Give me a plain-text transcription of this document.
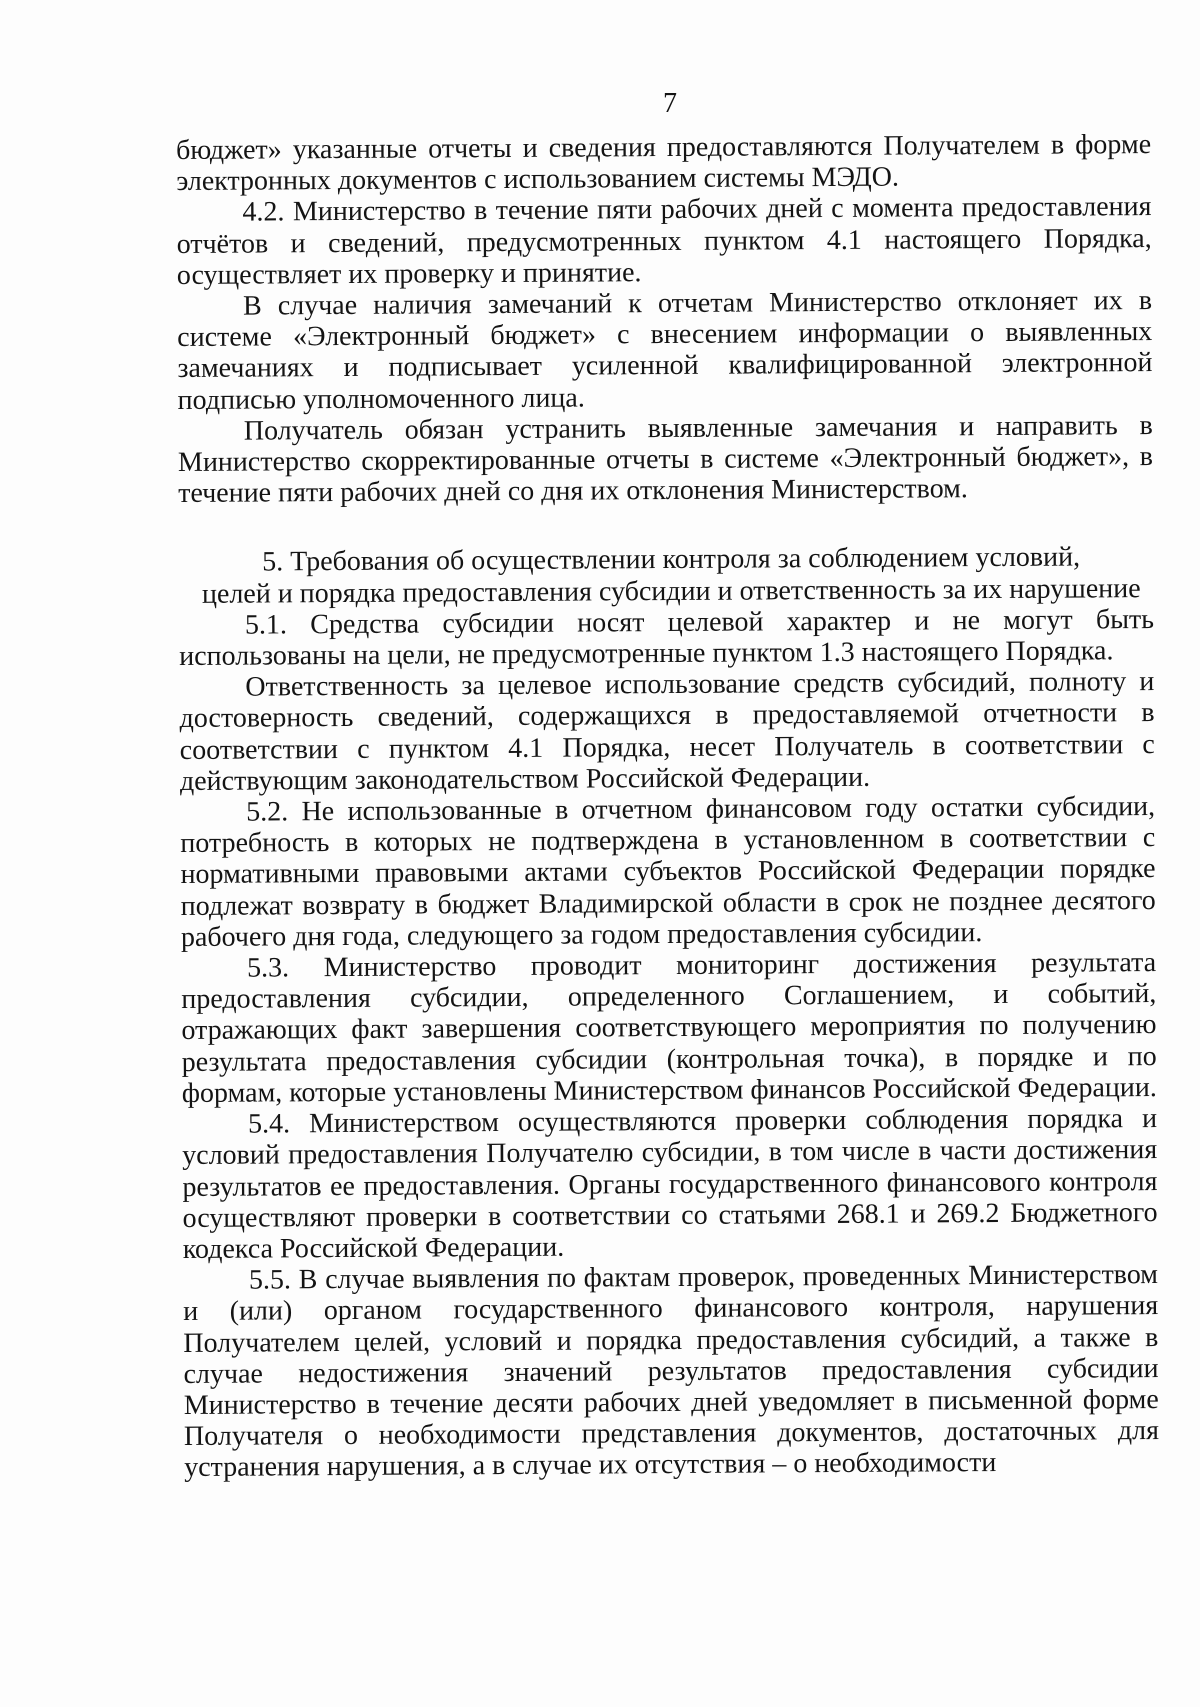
7

бюджет» указанные отчеты и сведения предоставляются Получателем в форме электронных документов с использованием системы МЭДО.

4.2. Министерство в течение пяти рабочих дней с момента предоставления отчётов и сведений, предусмотренных пунктом 4.1 настоящего Порядка, осуществляет их проверку и принятие.

В случае наличия замечаний к отчетам Министерство отклоняет их в системе «Электронный бюджет» с внесением информации о выявленных замечаниях и подписывает усиленной квалифицированной электронной подписью уполномоченного лица.

Получатель обязан устранить выявленные замечания и направить в Министерство скорректированные отчеты в системе «Электронный бюджет», в течение пяти рабочих дней со дня их отклонения Министерством.

5. Требования об осуществлении контроля за соблюдением условий,
целей и порядка предоставления субсидии и ответственность за их нарушение

5.1. Средства субсидии носят целевой характер и не могут быть использованы на цели, не предусмотренные пунктом 1.3 настоящего Порядка.

Ответственность за целевое использование средств субсидий, полноту и достоверность сведений, содержащихся в предоставляемой отчетности в соответствии с пунктом 4.1 Порядка, несет Получатель в соответствии с действующим законодательством Российской Федерации.

5.2. Не использованные в отчетном финансовом году остатки субсидии, потребность в которых не подтверждена в установленном в соответствии с нормативными правовыми актами субъектов Российской Федерации порядке подлежат возврату в бюджет Владимирской области в срок не позднее десятого рабочего дня года, следующего за годом предоставления субсидии.

5.3. Министерство проводит мониторинг достижения результата предоставления субсидии, определенного Соглашением, и событий, отражающих факт завершения соответствующего мероприятия по получению результата предоставления субсидии (контрольная точка), в порядке и по формам, которые установлены Министерством финансов Российской Федерации.

5.4. Министерством осуществляются проверки соблюдения порядка и условий предоставления Получателю субсидии, в том числе в части достижения результатов ее предоставления. Органы государственного финансового контроля осуществляют проверки в соответствии со статьями 268.1 и 269.2 Бюджетного кодекса Российской Федерации.

5.5. В случае выявления по фактам проверок, проведенных Министерством и (или) органом государственного финансового контроля, нарушения Получателем целей, условий и порядка предоставления субсидий, а также в случае недостижения значений результатов предоставления субсидии Министерство в течение десяти рабочих дней уведомляет в письменной форме Получателя о необходимости представления документов, достаточных для устранения нарушения, а в случае их отсутствия – о необходимости
